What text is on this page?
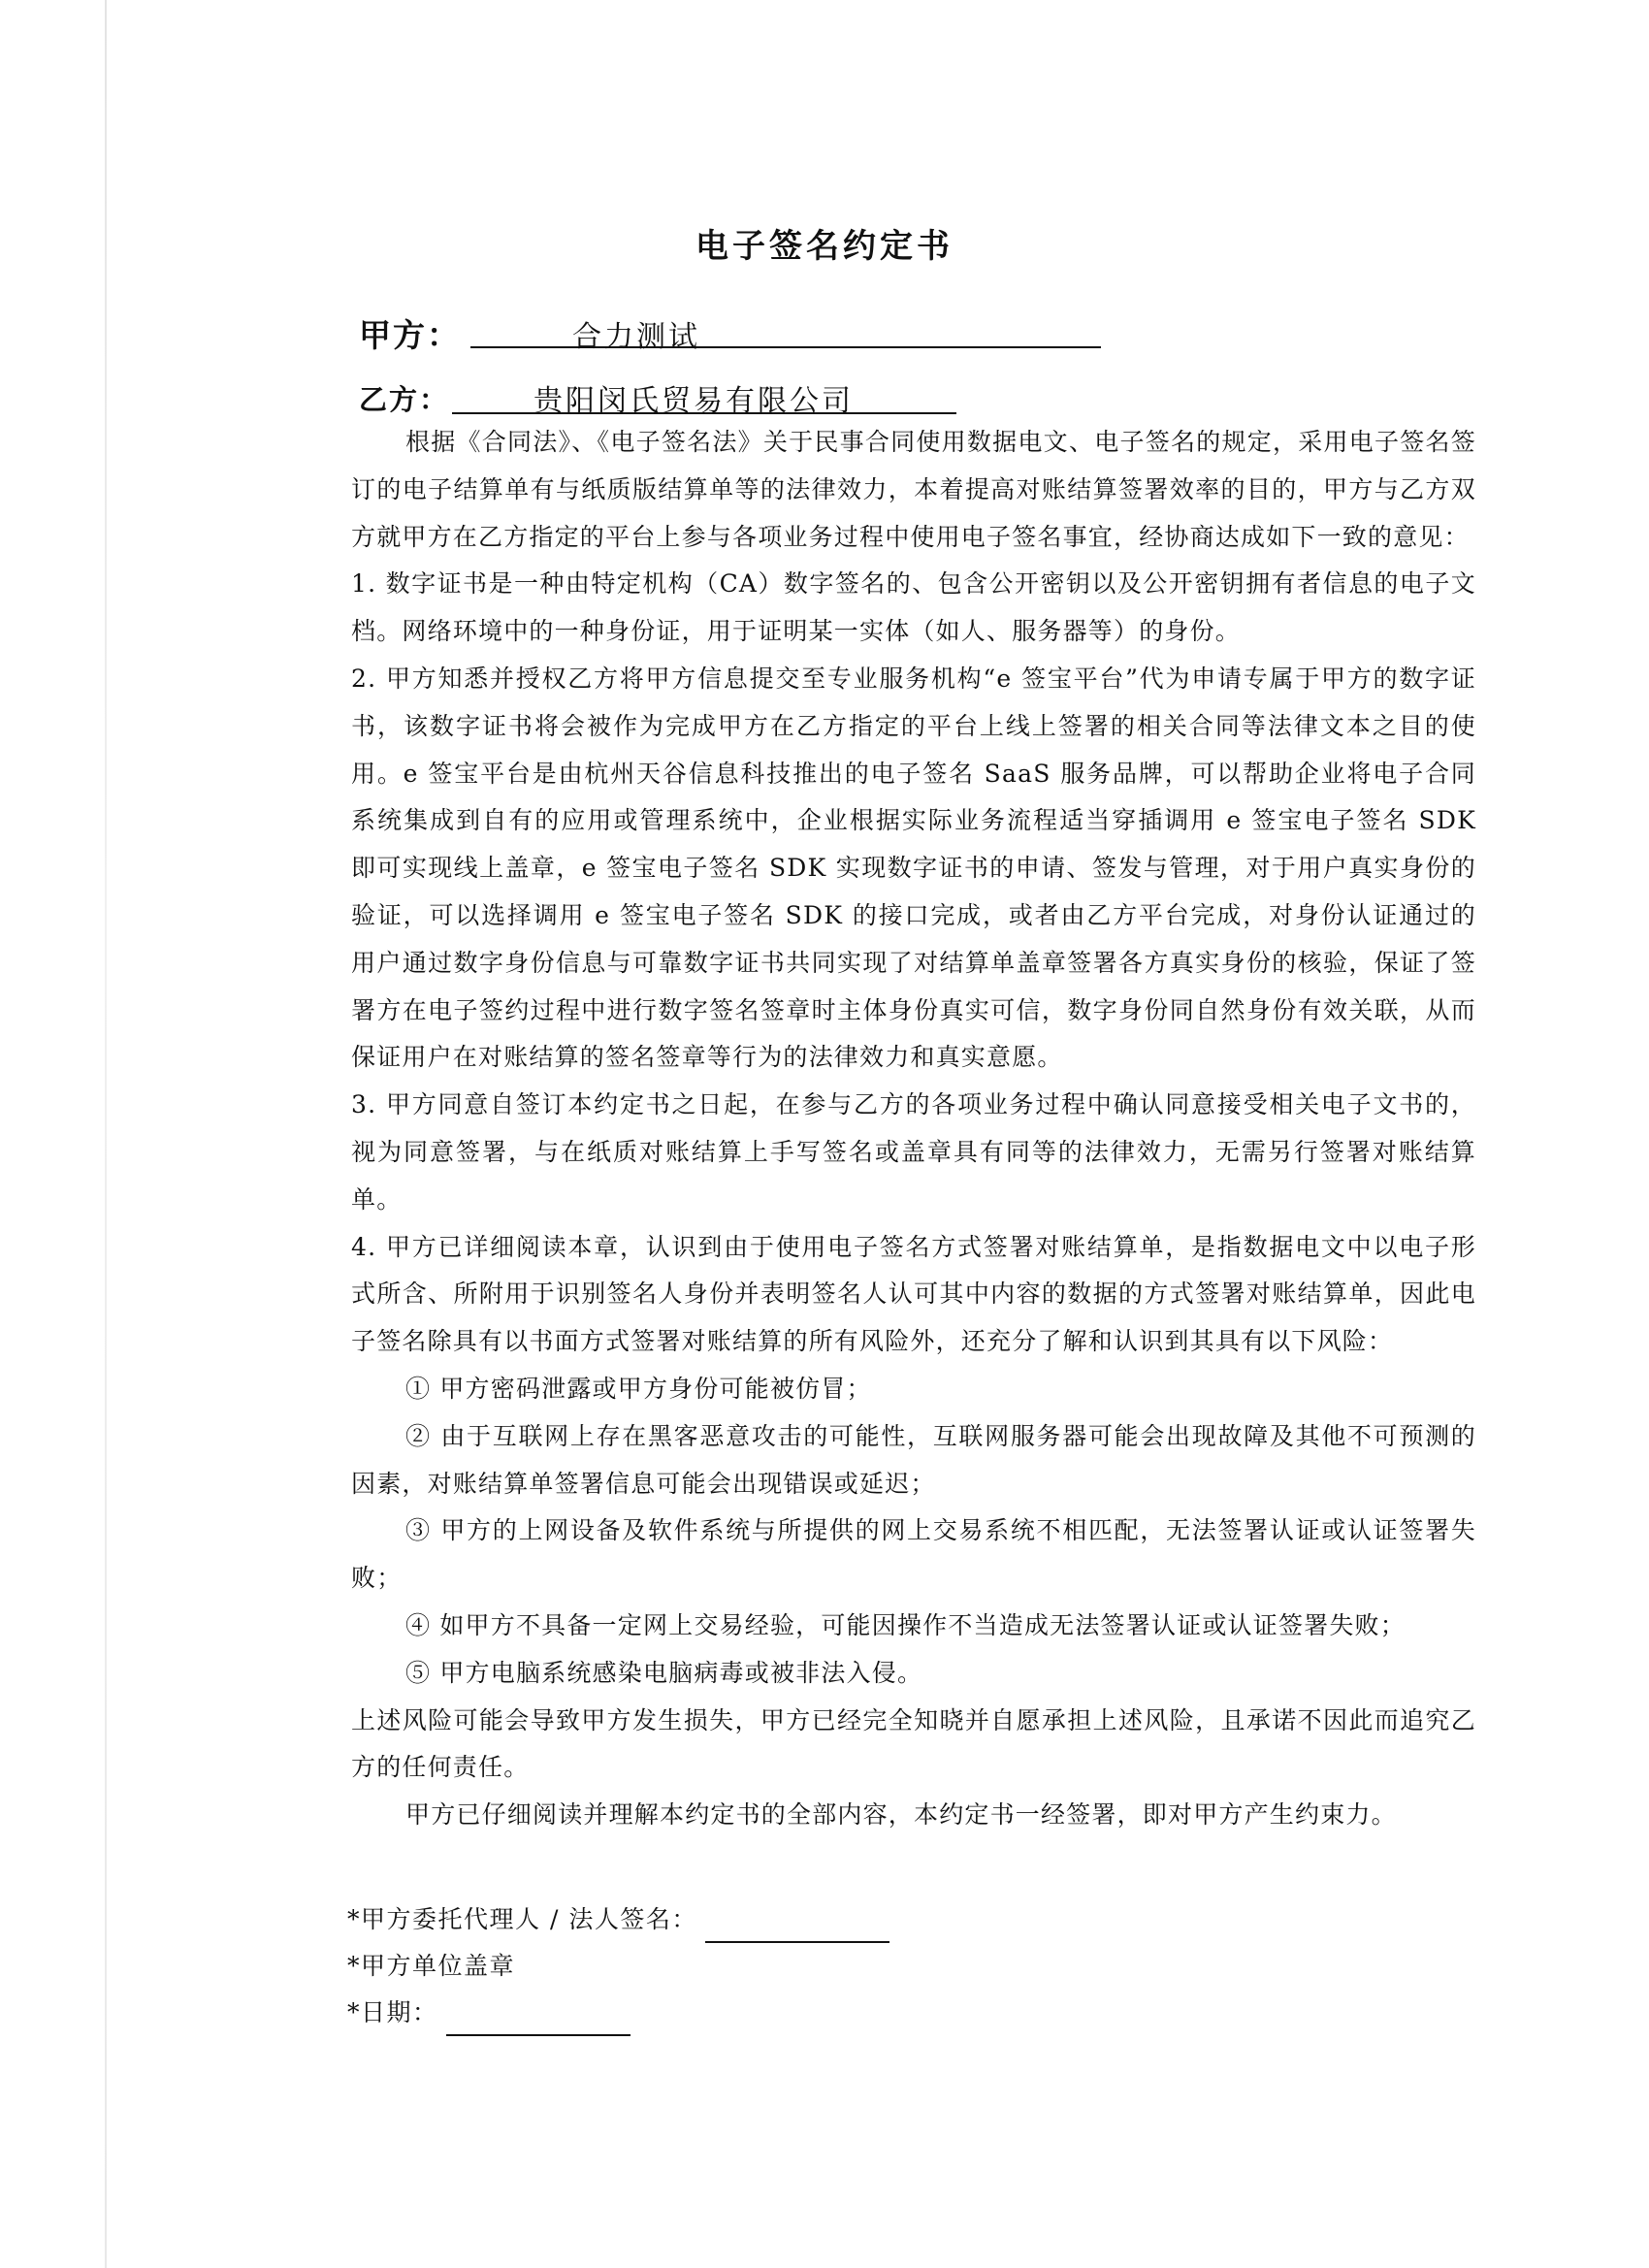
电子签名约定书
甲方：	合力测试
乙方：	贵阳闵氏贸易有限公司

根据《合同法》、《电子签名法》关于民事合同使用数据电文、电子签名的规定，采用电子签名签订的电子结算单有与纸质版结算单等的法律效力，本着提高对账结算签署效率的目的，甲方与乙方双方就甲方在乙方指定的平台上参与各项业务过程中使用电子签名事宜，经协商达成如下一致的意见：

1. 数字证书是一种由特定机构（CA）数字签名的、包含公开密钥以及公开密钥拥有者信息的电子文档。网络环境中的一种身份证，用于证明某一实体（如人、服务器等）的身份。

2. 甲方知悉并授权乙方将甲方信息提交至专业服务机构“e 签宝平台”代为申请专属于甲方的数字证书，该数字证书将会被作为完成甲方在乙方指定的平台上线上签署的相关合同等法律文本之目的使用。e 签宝平台是由杭州天谷信息科技推出的电子签名 SaaS 服务品牌，可以帮助企业将电子合同系统集成到自有的应用或管理系统中，企业根据实际业务流程适当穿插调用 e 签宝电子签名 SDK 即可实现线上盖章，e 签宝电子签名 SDK 实现数字证书的申请、签发与管理，对于用户真实身份的验证，可以选择调用 e 签宝电子签名 SDK 的接口完成，或者由乙方平台完成，对身份认证通过的用户通过数字身份信息与可靠数字证书共同实现了对结算单盖章签署各方真实身份的核验，保证了签署方在电子签约过程中进行数字签名签章时主体身份真实可信，数字身份同自然身份有效关联，从而保证用户在对账结算的签名签章等行为的法律效力和真实意愿。

3. 甲方同意自签订本约定书之日起，在参与乙方的各项业务过程中确认同意接受相关电子文书的，视为同意签署，与在纸质对账结算上手写签名或盖章具有同等的法律效力，无需另行签署对账结算单。

4. 甲方已详细阅读本章，认识到由于使用电子签名方式签署对账结算单，是指数据电文中以电子形式所含、所附用于识别签名人身份并表明签名人认可其中内容的数据的方式签署对账结算单，因此电子签名除具有以书面方式签署对账结算的所有风险外，还充分了解和认识到其具有以下风险：

① 甲方密码泄露或甲方身份可能被仿冒；

② 由于互联网上存在黑客恶意攻击的可能性，互联网服务器可能会出现故障及其他不可预测的因素，对账结算单签署信息可能会出现错误或延迟；

③ 甲方的上网设备及软件系统与所提供的网上交易系统不相匹配，无法签署认证或认证签署失败；

④ 如甲方不具备一定网上交易经验，可能因操作不当造成无法签署认证或认证签署失败；

⑤ 甲方电脑系统感染电脑病毒或被非法入侵。

上述风险可能会导致甲方发生损失，甲方已经完全知晓并自愿承担上述风险，且承诺不因此而追究乙方的任何责任。

甲方已仔细阅读并理解本约定书的全部内容，本约定书一经签署，即对甲方产生约束力。

*甲方委托代理人 / 法人签名：
*甲方单位盖章
*日期：
